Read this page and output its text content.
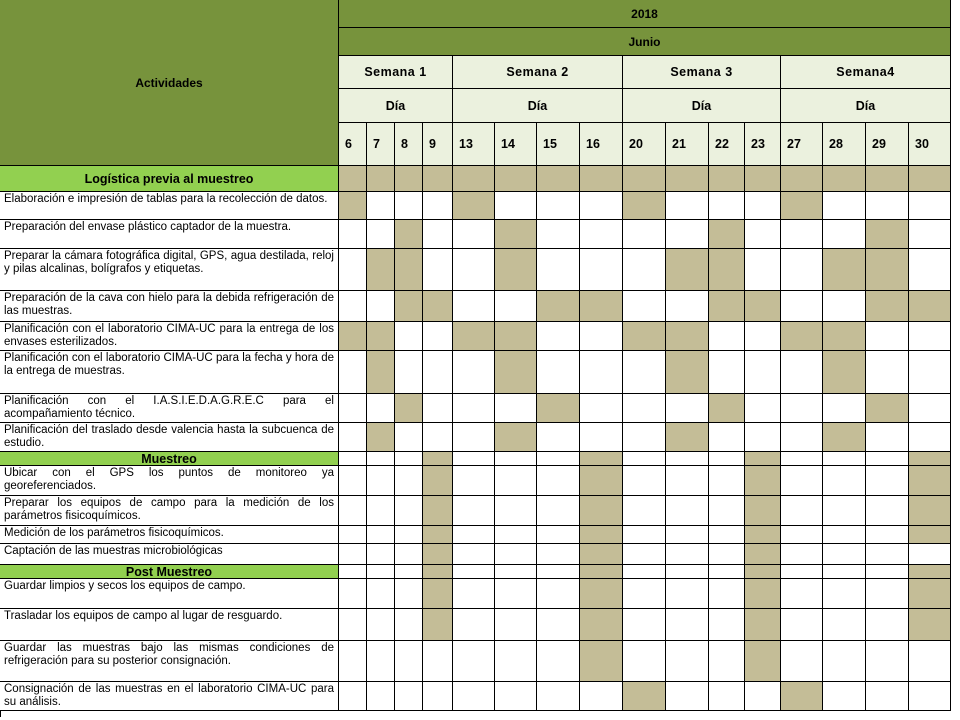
Actividades
2018
Junio
Semana 1
Día
6 7 8 9
Semana 2
Día
13 14 15 16
Semana 3
Día
20 21 22 23
Semana4
Día
27 28 29 30
Logística previa al muestreo
Elaboración e impresión de tablas para la recolección de datos.
Preparación del envase plástico captador de la muestra.
Preparar la cámara fotográfica digital, GPS, agua destilada, reloj y pilas alcalinas, bolígrafos y etiquetas.
Preparación de la cava con hielo para la debida refrigeración de las muestras.
Planificación con el laboratorio CIMA-UC para la entrega de los envases esterilizados.
Planificación con el laboratorio CIMA-UC para la fecha y hora de la entrega de muestras.
Planificación con el I.A.S.I.E.D.A.G.R.E.C para el acompañamiento técnico.
Planificación del traslado desde valencia hasta la subcuenca de estudio.
Muestreo
Ubicar con el GPS los puntos de monitoreo ya georeferenciados.
Preparar los equipos de campo para la medición de los parámetros fisicoquímicos.
Medición de los parámetros fisicoquímicos.
Captación de las muestras microbiológicas
Post Muestreo
Guardar limpios y secos los equipos de campo.
Trasladar los equipos de campo al lugar de resguardo.
Guardar las muestras bajo las mismas condiciones de refrigeración para su posterior consignación.
Consignación de las muestras en el laboratorio CIMA-UC para su análisis.
